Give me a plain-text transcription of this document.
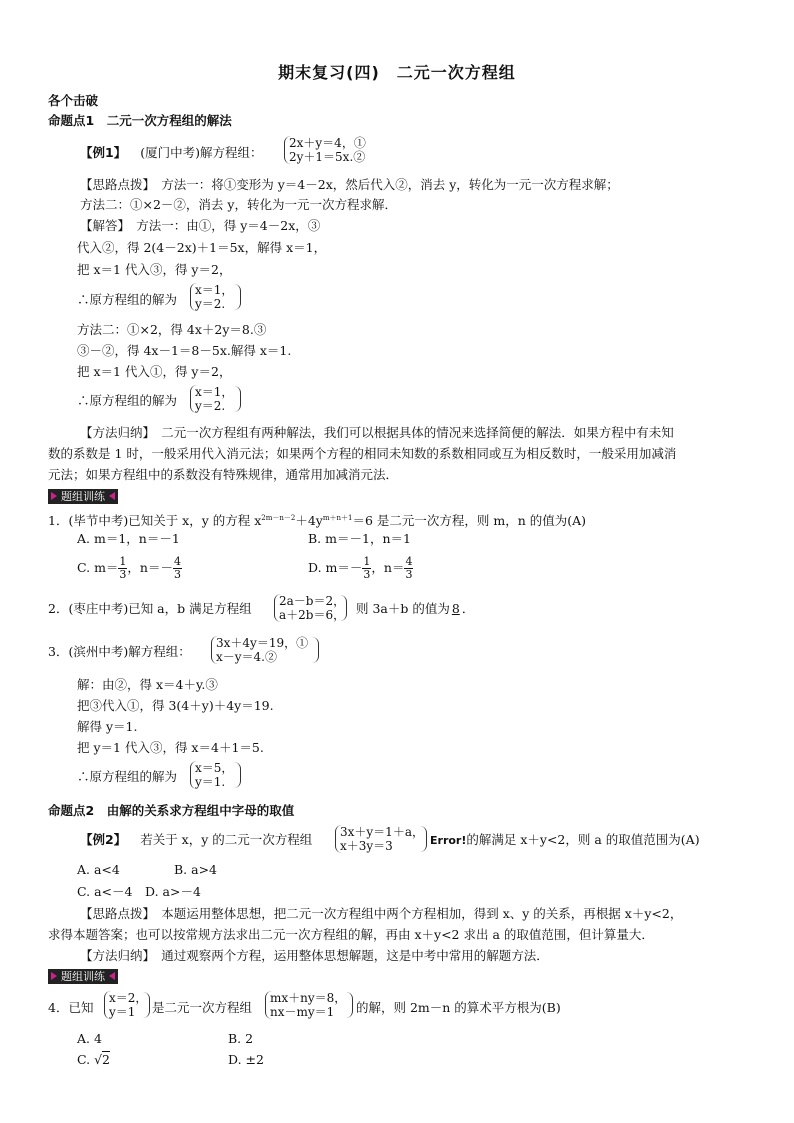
期末复习(四)　二元一次方程组
各个击破
命题点1　二元一次方程组的解法
【例1】 (厦门中考)解方程组：
2x＋y＝4，①
2y＋1＝5x.②
【思路点拨】　方法一：将①变形为 y＝4－2x，然后代入②，消去 y，转化为一元一次方程求解；
方法二：①×2－②，消去 y，转化为一元一次方程求解．
【解答】　方法一：由①，得 y＝4－2x，③
代入②，得 2(4－2x)＋1＝5x，解得 x＝1，
把 x＝1 代入③，得 y＝2，
∴原方程组的解为
x＝1，
y＝2.
方法二：①×2，得 4x＋2y＝8.③
③－②，得 4x－1＝8－5x.解得 x＝1.
把 x＝1 代入①，得 y＝2，
∴原方程组的解为
x＝1，
y＝2.
【方法归纳】　二元一次方程组有两种解法，我们可以根据具体的情况来选择简便的解法．如果方程中有未知
数的系数是 1 时，一般采用代入消元法；如果两个方程的相同未知数的系数相同或互为相反数时，一般采用加减消
元法；如果方程组中的系数没有特殊规律，通常用加减消元法．
题组训练
1．(毕节中考)已知关于 x，y 的方程 $x^{2m-n-2}+4y^{m+n+1}=6$ 是二元一次方程，则 m，n 的值为(A)
A. m＝1，n＝－1	B. m＝－1，n＝1
C. $m= \frac{1}{3}$ ，$n=- \frac{4}{3}$	D. $m=- \frac{1}{3}$ ，$n= \frac{4}{3}$
2．(枣庄中考)已知 a，b 满足方程组 2a－b＝2，
a＋2b＝6， 则 3a＋b 的值为 8 ．
3．(滨州中考)解方程组：
3x＋4y＝19，①
x－y＝4.②
解：由②，得 x＝4＋y.③
把③代入①，得 3(4＋y)＋4y＝19.
解得 y＝1.
把 y＝1 代入③，得 x＝4＋1＝5.
∴原方程组的解为
x＝5，
y＝1.
命题点2　由解的关系求方程组中字母的取值
【例2】 若关于 x，y 的二元一次方程组 3x＋y＝1＋a，
x＋3y＝3	Error!的解满足 x＋y<2，则 a 的取值范围为(A)
A. a<4	B. a>4
C. a<－4 D. a>－4
【思路点拨】　本题运用整体思想，把二元一次方程组中两个方程相加，得到 x、y 的关系，再根据 x＋y<2，
求得本题答案；也可以按常规方法求出二元一次方程组的解，再由 x＋y<2 求出 a 的取值范围，但计算量大．
【方法归纳】　通过观察两个方程，运用整体思想解题，这是中考中常用的解题方法．
题组训练
4．已知
x＝2，
y＝1	是二元一次方程组
mx＋ny＝8，
nx－my＝1	的解，则 2m－n 的算术平方根为(B)
A. 4	B. 2
C. √2	D. ±2
